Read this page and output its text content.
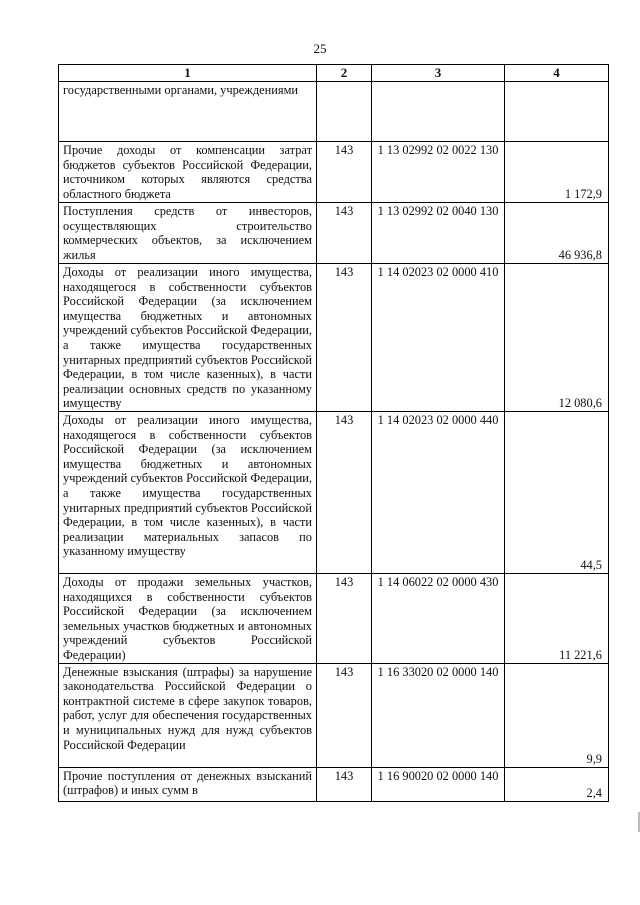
25
1	2	3	4

государственными органами, учреждениями			

Прочие доходы от компенсации затрат бюджетов субъектов Российской Федерации, источником которых являются средства областного бюджета	143	1 13 02992 02 0022 130	1 172,9

Поступления средств от инвесторов, осуществляющих строительство коммерческих объектов, за исключением жилья	143	1 13 02992 02 0040 130	46 936,8

Доходы от реализации иного имущества, находящегося в собственности субъектов Российской Федерации (за исключением имущества бюджетных и автономных учреждений субъектов Российской Федерации, а также имущества государственных унитарных предприятий субъектов Российской Федерации, в том числе казенных), в части реализации основных средств по указанному имуществу	143	1 14 02023 02 0000 410	12 080,6

Доходы от реализации иного имущества, находящегося в собственности субъектов Российской Федерации (за исключением имущества бюджетных и автономных учреждений субъектов Российской Федерации, а также имущества государственных унитарных предприятий субъектов Российской Федерации, в том числе казенных), в части реализации материальных запасов по указанному имуществу	143	1 14 02023 02 0000 440	44,5

Доходы от продажи земельных участков, находящихся в собственности субъектов Российской Федерации (за исключением земельных участков бюджетных и автономных учреждений субъектов Российской Федерации)	143	1 14 06022 02 0000 430	11 221,6

Денежные взыскания (штрафы) за нарушение законодательства Российской Федерации о контрактной системе в сфере закупок товаров, работ, услуг для обеспечения государственных и муниципальных нужд для нужд субъектов Российской Федерации	143	1 16 33020 02 0000 140	9,9

Прочие поступления от денежных взысканий (штрафов) и иных сумм в	143	1 16 90020 02 0000 140	2,4
